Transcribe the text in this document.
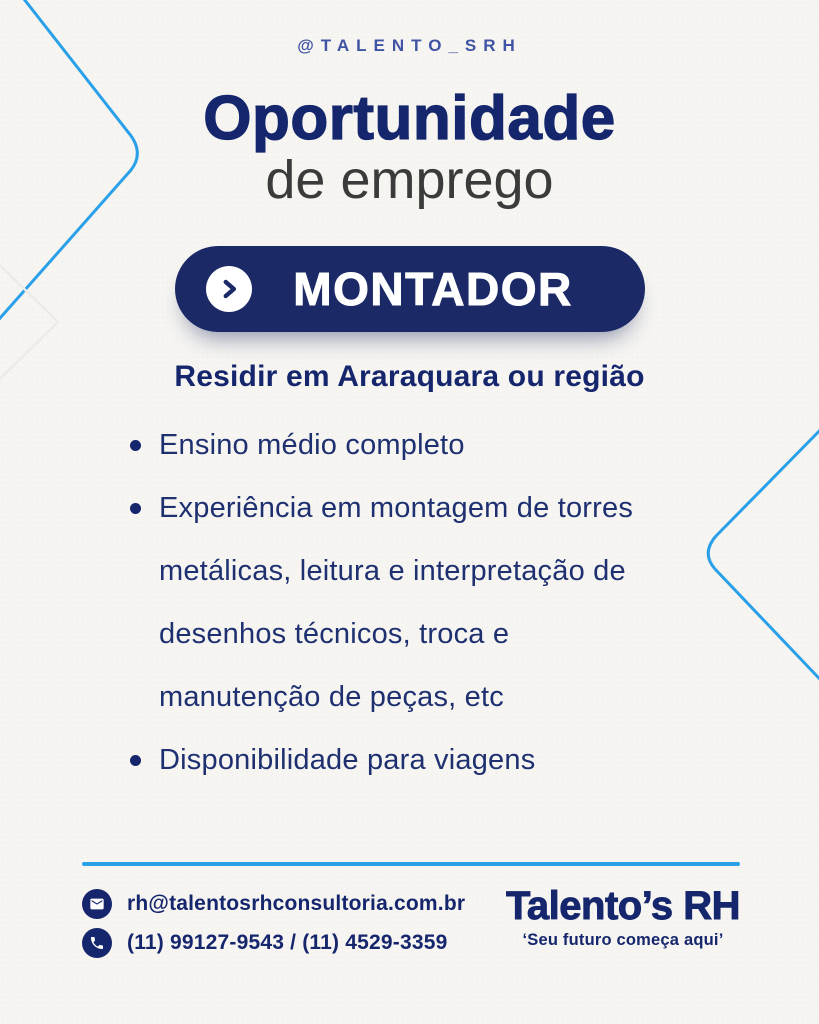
@TALENTO_SRH
Oportunidade
de emprego
MONTADOR
Residir em Araraquara ou região
Ensino médio completo
Experiência em montagem de torres metálicas, leitura e interpretação de desenhos técnicos, troca e manutenção de peças, etc
Disponibilidade para viagens
rh@talentosrhconsultoria.com.br
(11) 99127-9543 / (11) 4529-3359
Talento’s RH
‘Seu futuro começa aqui’
